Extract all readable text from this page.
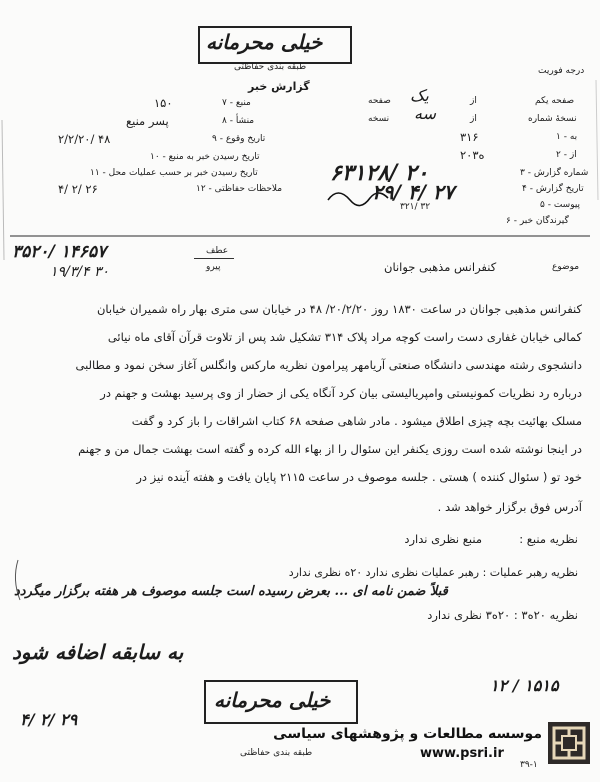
خیلی محرمانه
طبقه بندی حفاظتی
گزارش خبر
درجه فوریت
صفحه یکم
از
یک
صفحه
نسخهٔ شماره
از
سه
نسخه
۱ - به
۳۱۶
۲ - از
۲۰ه۳
۳ - شماره گزارش
۶۳۱۲۸/ ۲۰
۴ - تاریخ گزارش
۲۹/ ۴/ ۲۷
۵ - پیوست
۳۲۱/ ۳۲
۶ - گیرندگان خبر
۷ - منبع
۱۵۰
۸ - منشأ
پسر منیع
۹ - تاریخ وقوع
۲/۲/۲۰/ ۴۸
۱۰ - تاریخ رسیدن خبر به منبع
۱۱ - تاریخ رسیدن خبر بر حسب عملیات محل
۱۲ - ملاحظات حفاظتی
۴/ ۲/ ۲۶
۳۵۲۰/ ۱۴۶۵۷
۱۹/۳/۴ ۳۰
عطف
پیرو	موضوع
کنفرانس مذهبی جوانان
کنفرانس مذهبی جوانان در ساعت ۱۸۳۰ روز ۲۰/۲/۲۰/ ۴۸ در خیابان سی متری بهار راه شمیران خیابان
کمالی خیابان غفاری دست راست کوچه مراد پلاک ۳۱۴ تشکیل شد پس از تلاوت قرآن آقای ماه نیائی
دانشجوی رشته مهندسی دانشگاه صنعتی آریامهر پیرامون نظریه مارکس وانگلس آغاز سخن نمود و مطالبی
درباره رد نظریات کمونیستی وامپریالیستی بیان کرد آنگاه یکی از حضار از وی پرسید بهشت و جهنم در
مسلک بهائیت بچه چیزی اطلاق میشود . مادر شاهی صفحه ۶۸ کتاب اشراقات را باز کرد و گفت
در اینجا نوشته شده است روزی یکنفر این سئوال را از بهاء الله کرده و گفته است بهشت جمال من و جهنم
خود تو ( سئوال کننده ) هستی . جلسه موصوف در ساعت ۲۱۱۵ پایان یافت و هفته آینده نیز در
آدرس فوق برگزار خواهد شد .
نظریه منبع :
منبع نظری ندارد
نظریه رهبر عملیات : رهبر عملیات نظری ندارد ۲۰ه نظری ندارد
قبلاً ضمن نامه ای ... بعرض رسیده است جلسه موصوف هر هفته برگزار میگردد
نظریه ۲۰ه۳ : ۲۰ه۳ نظری ندارد
به سابقه اضافه شود
۴/ ۲/ ۲۹
۱۲ / ۱۵۱۵
خیلی محرمانه
طبقه بندی حفاظتی
۳۹-۱
موسسه مطالعات و پژوهشهای سیاسی
www.psri.ir
